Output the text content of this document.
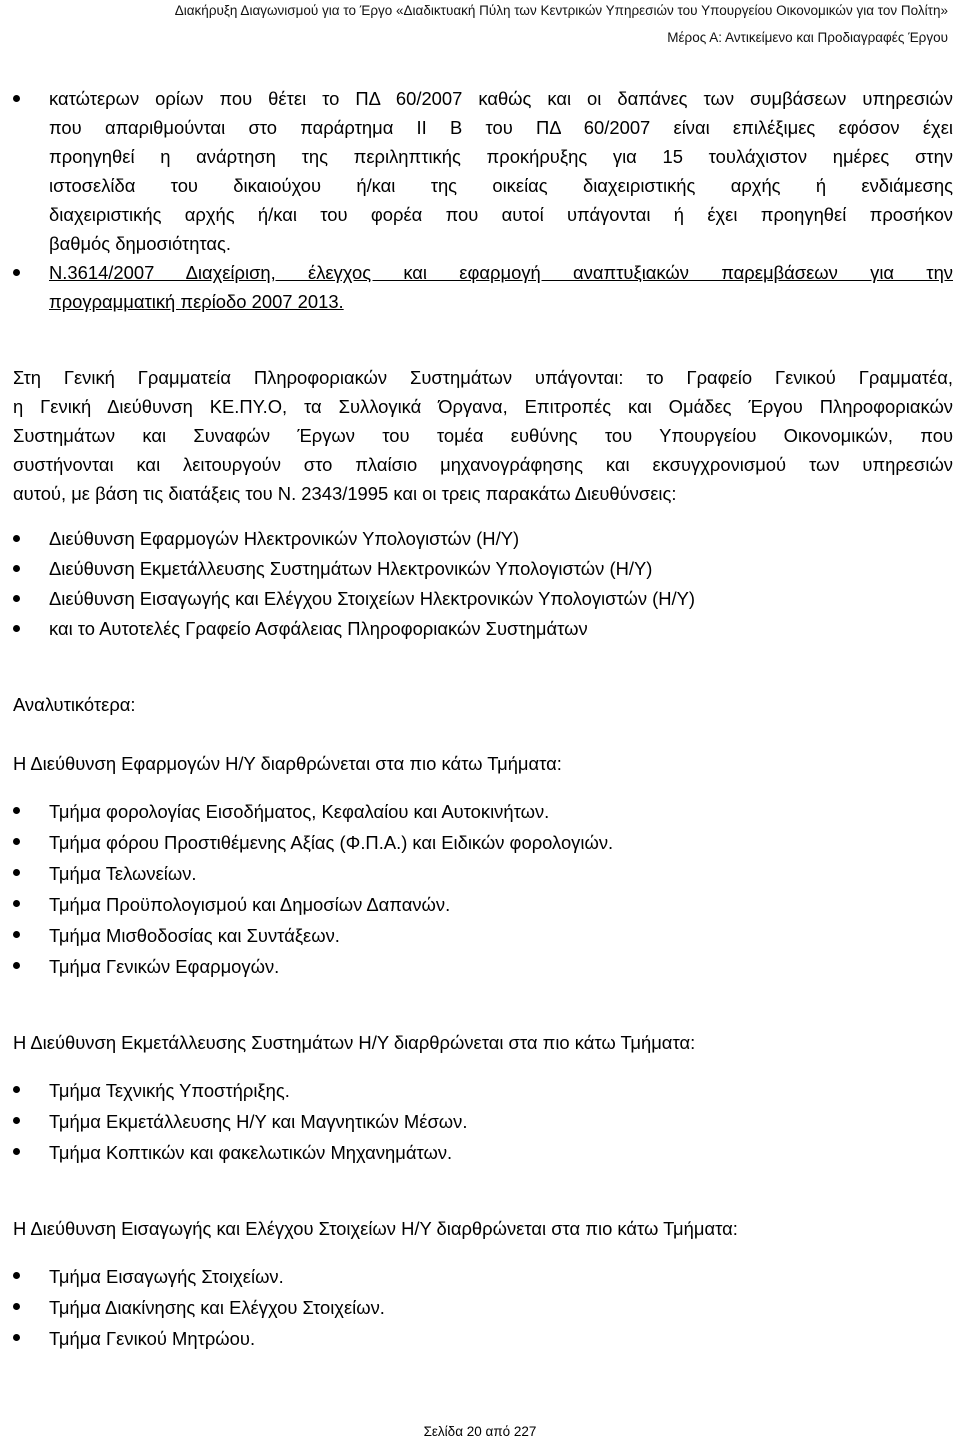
Διακήρυξη Διαγωνισμού για το Έργο «Διαδικτυακή Πύλη των Κεντρικών Υπηρεσιών του Υπουργείου Οικονομικών για τον Πολίτη»
Μέρος Α: Αντικείμενο και Προδιαγραφές Έργου
κατώτερων ορίων που θέτει το ΠΔ 60/2007 καθώς και οι δαπάνες των συμβάσεων υπηρεσιών
που απαριθμούνται στο παράρτημα ΙΙ Β του ΠΔ 60/2007 είναι επιλέξιμες εφόσον έχει
προηγηθεί η ανάρτηση της περιληπτικής προκήρυξης για 15 τουλάχιστον ημέρες στην
ιστοσελίδα του δικαιούχου ή/και της οικείας διαχειριστικής αρχής ή ενδιάμεσης
διαχειριστικής αρχής ή/και του φορέα που αυτοί υπάγονται ή έχει προηγηθεί προσήκον
βαθμός δημοσιότητας.
Ν.3614/2007 Διαχείριση, έλεγχος και εφαρμογή αναπτυξιακών παρεμβάσεων για την
προγραμματική περίοδο 2007 2013.
Στη Γενική Γραμματεία Πληροφοριακών Συστημάτων υπάγονται: το Γραφείο Γενικού Γραμματέα,
η Γενική Διεύθυνση ΚΕ.ΠΥ.Ο, τα Συλλογικά Όργανα, Επιτροπές και Ομάδες Έργου Πληροφοριακών
Συστημάτων και Συναφών Έργων του τομέα ευθύνης του Υπουργείου Οικονομικών, που
συστήνονται και λειτουργούν στο πλαίσιο μηχανογράφησης και εκσυγχρονισμού των υπηρεσιών
αυτού, με βάση τις διατάξεις του Ν. 2343/1995 και οι τρεις παρακάτω Διευθύνσεις:
Διεύθυνση Εφαρμογών Ηλεκτρονικών Υπολογιστών (Η/Υ)
Διεύθυνση Εκμετάλλευσης Συστημάτων Ηλεκτρονικών Υπολογιστών (Η/Υ)
Διεύθυνση Εισαγωγής και Ελέγχου Στοιχείων Ηλεκτρονικών Υπολογιστών (Η/Υ)
και το Αυτοτελές Γραφείο Ασφάλειας Πληροφοριακών Συστημάτων
Αναλυτικότερα:
Η Διεύθυνση Εφαρμογών Η/Υ διαρθρώνεται στα πιο κάτω Τμήματα:
Τμήμα φορολογίας Εισοδήματος, Κεφαλαίου και Αυτοκινήτων.
Τμήμα φόρου Προστιθέμενης Αξίας (Φ.Π.Α.) και Ειδικών φορολογιών.
Τμήμα Τελωνείων.
Τμήμα Προϋπολογισμού και Δημοσίων Δαπανών.
Τμήμα Μισθοδοσίας και Συντάξεων.
Τμήμα Γενικών Εφαρμογών.
Η Διεύθυνση Εκμετάλλευσης Συστημάτων Η/Υ διαρθρώνεται στα πιο κάτω Τμήματα:
Τμήμα Τεχνικής Υποστήριξης.
Τμήμα Εκμετάλλευσης Η/Υ και Μαγνητικών Μέσων.
Τμήμα Κοπτικών και φακελωτικών Μηχανημάτων.
Η Διεύθυνση Εισαγωγής και Ελέγχου Στοιχείων Η/Υ διαρθρώνεται στα πιο κάτω Τμήματα:
Τμήμα Εισαγωγής Στοιχείων.
Τμήμα Διακίνησης και Ελέγχου Στοιχείων.
Τμήμα Γενικού Μητρώου.
Σελίδα 20 από 227
